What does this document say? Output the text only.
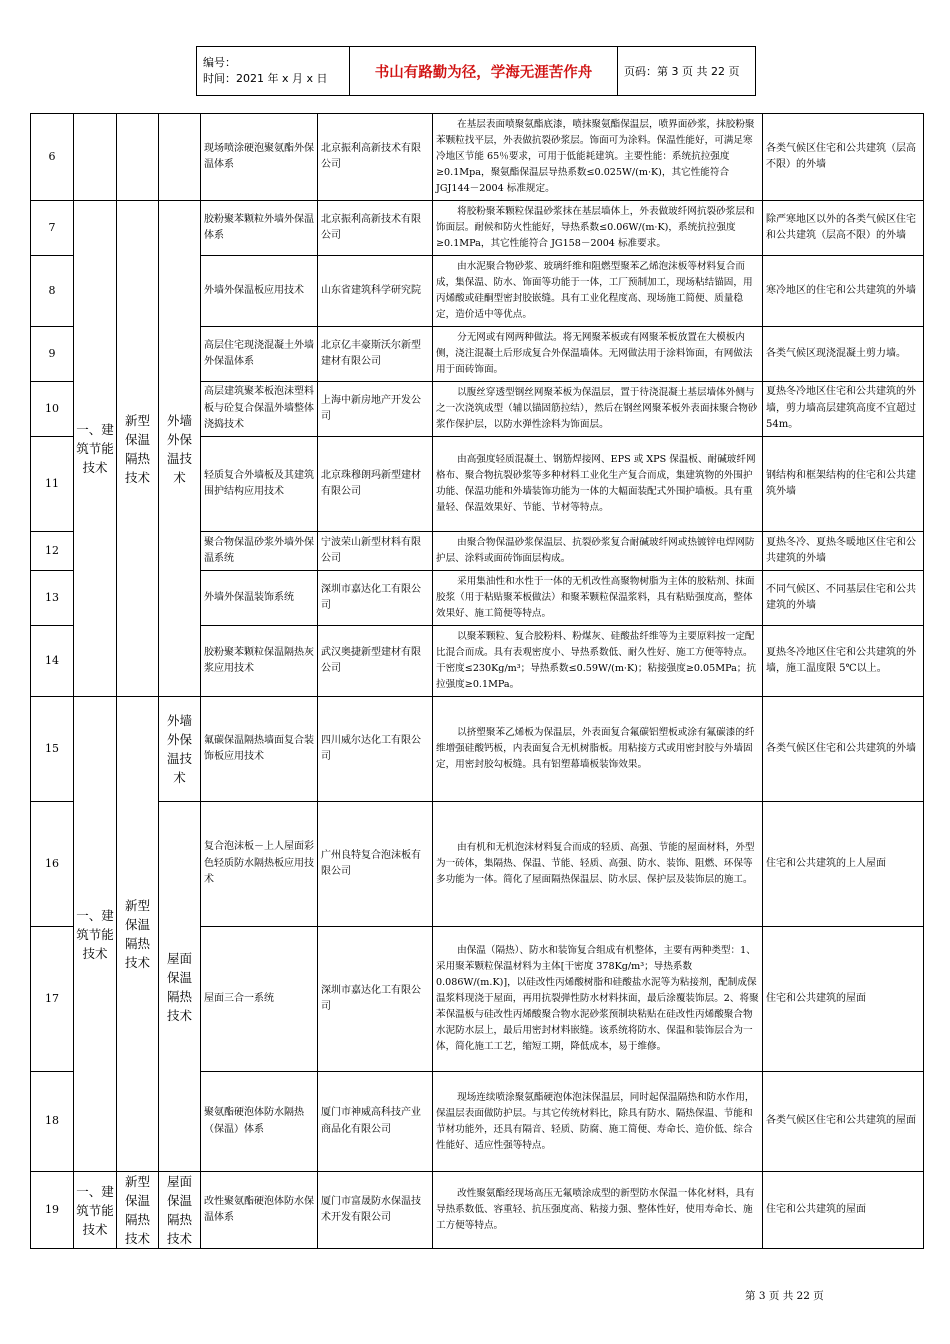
编号：
时间：2021 年 x 月 x 日	书山有路勤为径，学海无涯苦作舟	页码：第 3 页 共 22 页
6				现场喷涂硬泡聚氨酯外保温体系	北京振利高新技术有限公司	在基层表面喷聚氨酯底漆，喷抹聚氨酯保温层，喷界面砂浆，抹胶粉聚苯颗粒找平层，外表做抗裂砂浆层。饰面可为涂料。保温性能好，可满足寒冷地区节能 65％要求，可用于低能耗建筑。主要性能：系统抗拉强度≥0.1Mpa，聚氨酯保温层导热系数≤0.025W/(m·K)，其它性能符合 JGJ144－2004 标准规定。	各类气候区住宅和公共建筑（层高不限）的外墙
7	一、建筑节能技术	新型保温隔热技术	外墙外保温技术	胶粉聚苯颗粒外墙外保温体系	北京振利高新技术有限公司	将胶粉聚苯颗粒保温砂浆抹在基层墙体上，外表做玻纤网抗裂砂浆层和饰面层。耐候和防火性能好，导热系数≤0.06W/(m·K)，系统抗拉强度≥0.1MPa，其它性能符合 JG158－2004 标准要求。	除严寒地区以外的各类气候区住宅和公共建筑（层高不限）的外墙
8				外墙外保温板应用技术	山东省建筑科学研究院	由水泥聚合物砂浆、玻璃纤维和阻燃型聚苯乙烯泡沫板等材料复合而成，集保温、防水、饰面等功能于一体，工厂预制加工，现场粘结锚固，用丙烯酸或硅酮型密封胶嵌缝。具有工业化程度高、现场施工简便、质量稳定，造价适中等优点。	寒冷地区的住宅和公共建筑的外墙
9				高层住宅现浇混凝土外墙外保温体系	北京亿丰豪斯沃尔新型建材有限公司	分无网或有网两种做法。将无网聚苯板或有网聚苯板放置在大模板内侧，浇注混凝土后形成复合外保温墙体。无网做法用于涂料饰面，有网做法用于面砖饰面。	各类气候区现浇混凝土剪力墙。
10				高层建筑聚苯板泡沫塑料板与砼复合保温外墙整体浇捣技术	上海中新房地产开发公司	以腹丝穿透型钢丝网聚苯板为保温层，置于待浇混凝土基层墙体外侧与之一次浇筑成型（辅以锚固筋拉结），然后在钢丝网聚苯板外表面抹聚合物砂浆作保护层，以防水弹性涂料为饰面层。	夏热冬冷地区住宅和公共建筑的外墙，剪力墙高层建筑高度不宜超过 54m。
11				轻质复合外墙板及其建筑围护结构应用技术	北京珠穆朗玛新型建材有限公司	由高强度轻质混凝土、钢筋焊接网、EPS 或 XPS 保温板、耐碱玻纤网格布、聚合物抗裂砂浆等多种材料工业化生产复合而成，集建筑物的外围护功能、保温功能和外墙装饰功能为一体的大幅面装配式外围护墙板。具有重量轻、保温效果好、节能、节材等特点。	钢结构和框架结构的住宅和公共建筑外墙
12				聚合物保温砂浆外墙外保温系统	宁波荣山新型材料有限公司	由聚合物保温砂浆保温层、抗裂砂浆复合耐碱玻纤网或热镀锌电焊网防护层、涂料或面砖饰面层构成。	夏热冬冷、夏热冬暖地区住宅和公共建筑的外墙
13				外墙外保温装饰系统	深圳市嘉达化工有限公司	采用集油性和水性于一体的无机改性高聚物树脂为主体的胶粘剂、抹面胶浆（用于粘贴聚苯板做法）和聚苯颗粒保温浆料，具有粘贴强度高，整体效果好、施工简便等特点。	不同气候区、不同基层住宅和公共建筑的外墙
14				胶粉聚苯颗粒保温隔热灰浆应用技术	武汉奥捷新型建材有限公司	以聚苯颗粒、复合胶粉料、粉煤灰、硅酸盐纤维等为主要原料按一定配比混合而成。具有表观密度小、导热系数低、耐久性好、施工方便等特点。干密度≤230Kg/m³；导热系数≤0.59W/(m·K)；粘接强度≥0.05MPa；抗拉强度≥0.1MPa。	夏热冬冷地区住宅和公共建筑的外墙，施工温度限 5℃以上。
15	一、建筑节能技术	新型保温隔热技术	外墙外保温技术	氟碳保温隔热墙面复合装饰板应用技术	四川威尔达化工有限公司	以挤塑聚苯乙烯板为保温层，外表面复合氟碳铝塑板或涂有氟碳漆的纤维增强硅酸钙板，内表面复合无机树脂板。用粘接方式或用密封胶与外墙固定，用密封胶勾板缝。具有铝塑幕墙板装饰效果。	各类气候区住宅和公共建筑的外墙
16			屋面保温隔热技术	复合泡沫板－上人屋面彩色轻质防水隔热板应用技术	广州良特复合泡沫板有限公司	由有机和无机泡沫材料复合而成的轻质、高强、节能的屋面材料，外型为一砖体，集隔热、保温、节能、轻质、高强、防水、装饰、阻燃、环保等多功能为一体。简化了屋面隔热保温层、防水层、保护层及装饰层的施工。	住宅和公共建筑的上人屋面
17				屋面三合一系统	深圳市嘉达化工有限公司	由保温（隔热）、防水和装饰复合组成有机整体，主要有两种类型：1、采用聚苯颗粒保温材料为主体[干密度 378Kg/m³；导热系数 0.086W/(m.K)]，以硅改性丙烯酸树脂和硅酸盐水泥等为粘接剂，配制成保温浆料现浇于屋面，再用抗裂弹性防水材料抹面，最后涂覆装饰层。2、将聚苯保温板与硅改性丙烯酸聚合物水泥砂浆预制块粘贴在硅改性丙烯酸聚合物水泥防水层上，最后用密封材料嵌缝。该系统将防水、保温和装饰层合为一体，简化施工工艺，缩短工期，降低成本，易于维修。	住宅和公共建筑的屋面
18				聚氨酯硬泡体防水隔热（保温）体系	厦门市神威高科技产业商品化有限公司	现场连续喷涂聚氨酯硬泡体泡沫保温层，同时起保温隔热和防水作用，保温层表面做防护层。与其它传统材料比，除具有防水、隔热保温、节能和节材功能外，还具有隔音、轻质、防腐、施工简便、寿命长、造价低、综合性能好、适应性强等特点。	各类气候区住宅和公共建筑的屋面
19	一、建筑节能技术	新型保温隔热技术	屋面保温隔热技术	改性聚氨酯硬泡体防水保温体系	厦门市富晟防水保温技术开发有限公司	改性聚氨酯经现场高压无氟喷涂成型的新型防水保温一体化材料，具有导热系数低、容重轻、抗压强度高、粘接力强、整体性好，使用寿命长、施工方便等特点。	住宅和公共建筑的屋面
第 3 页 共 22 页
